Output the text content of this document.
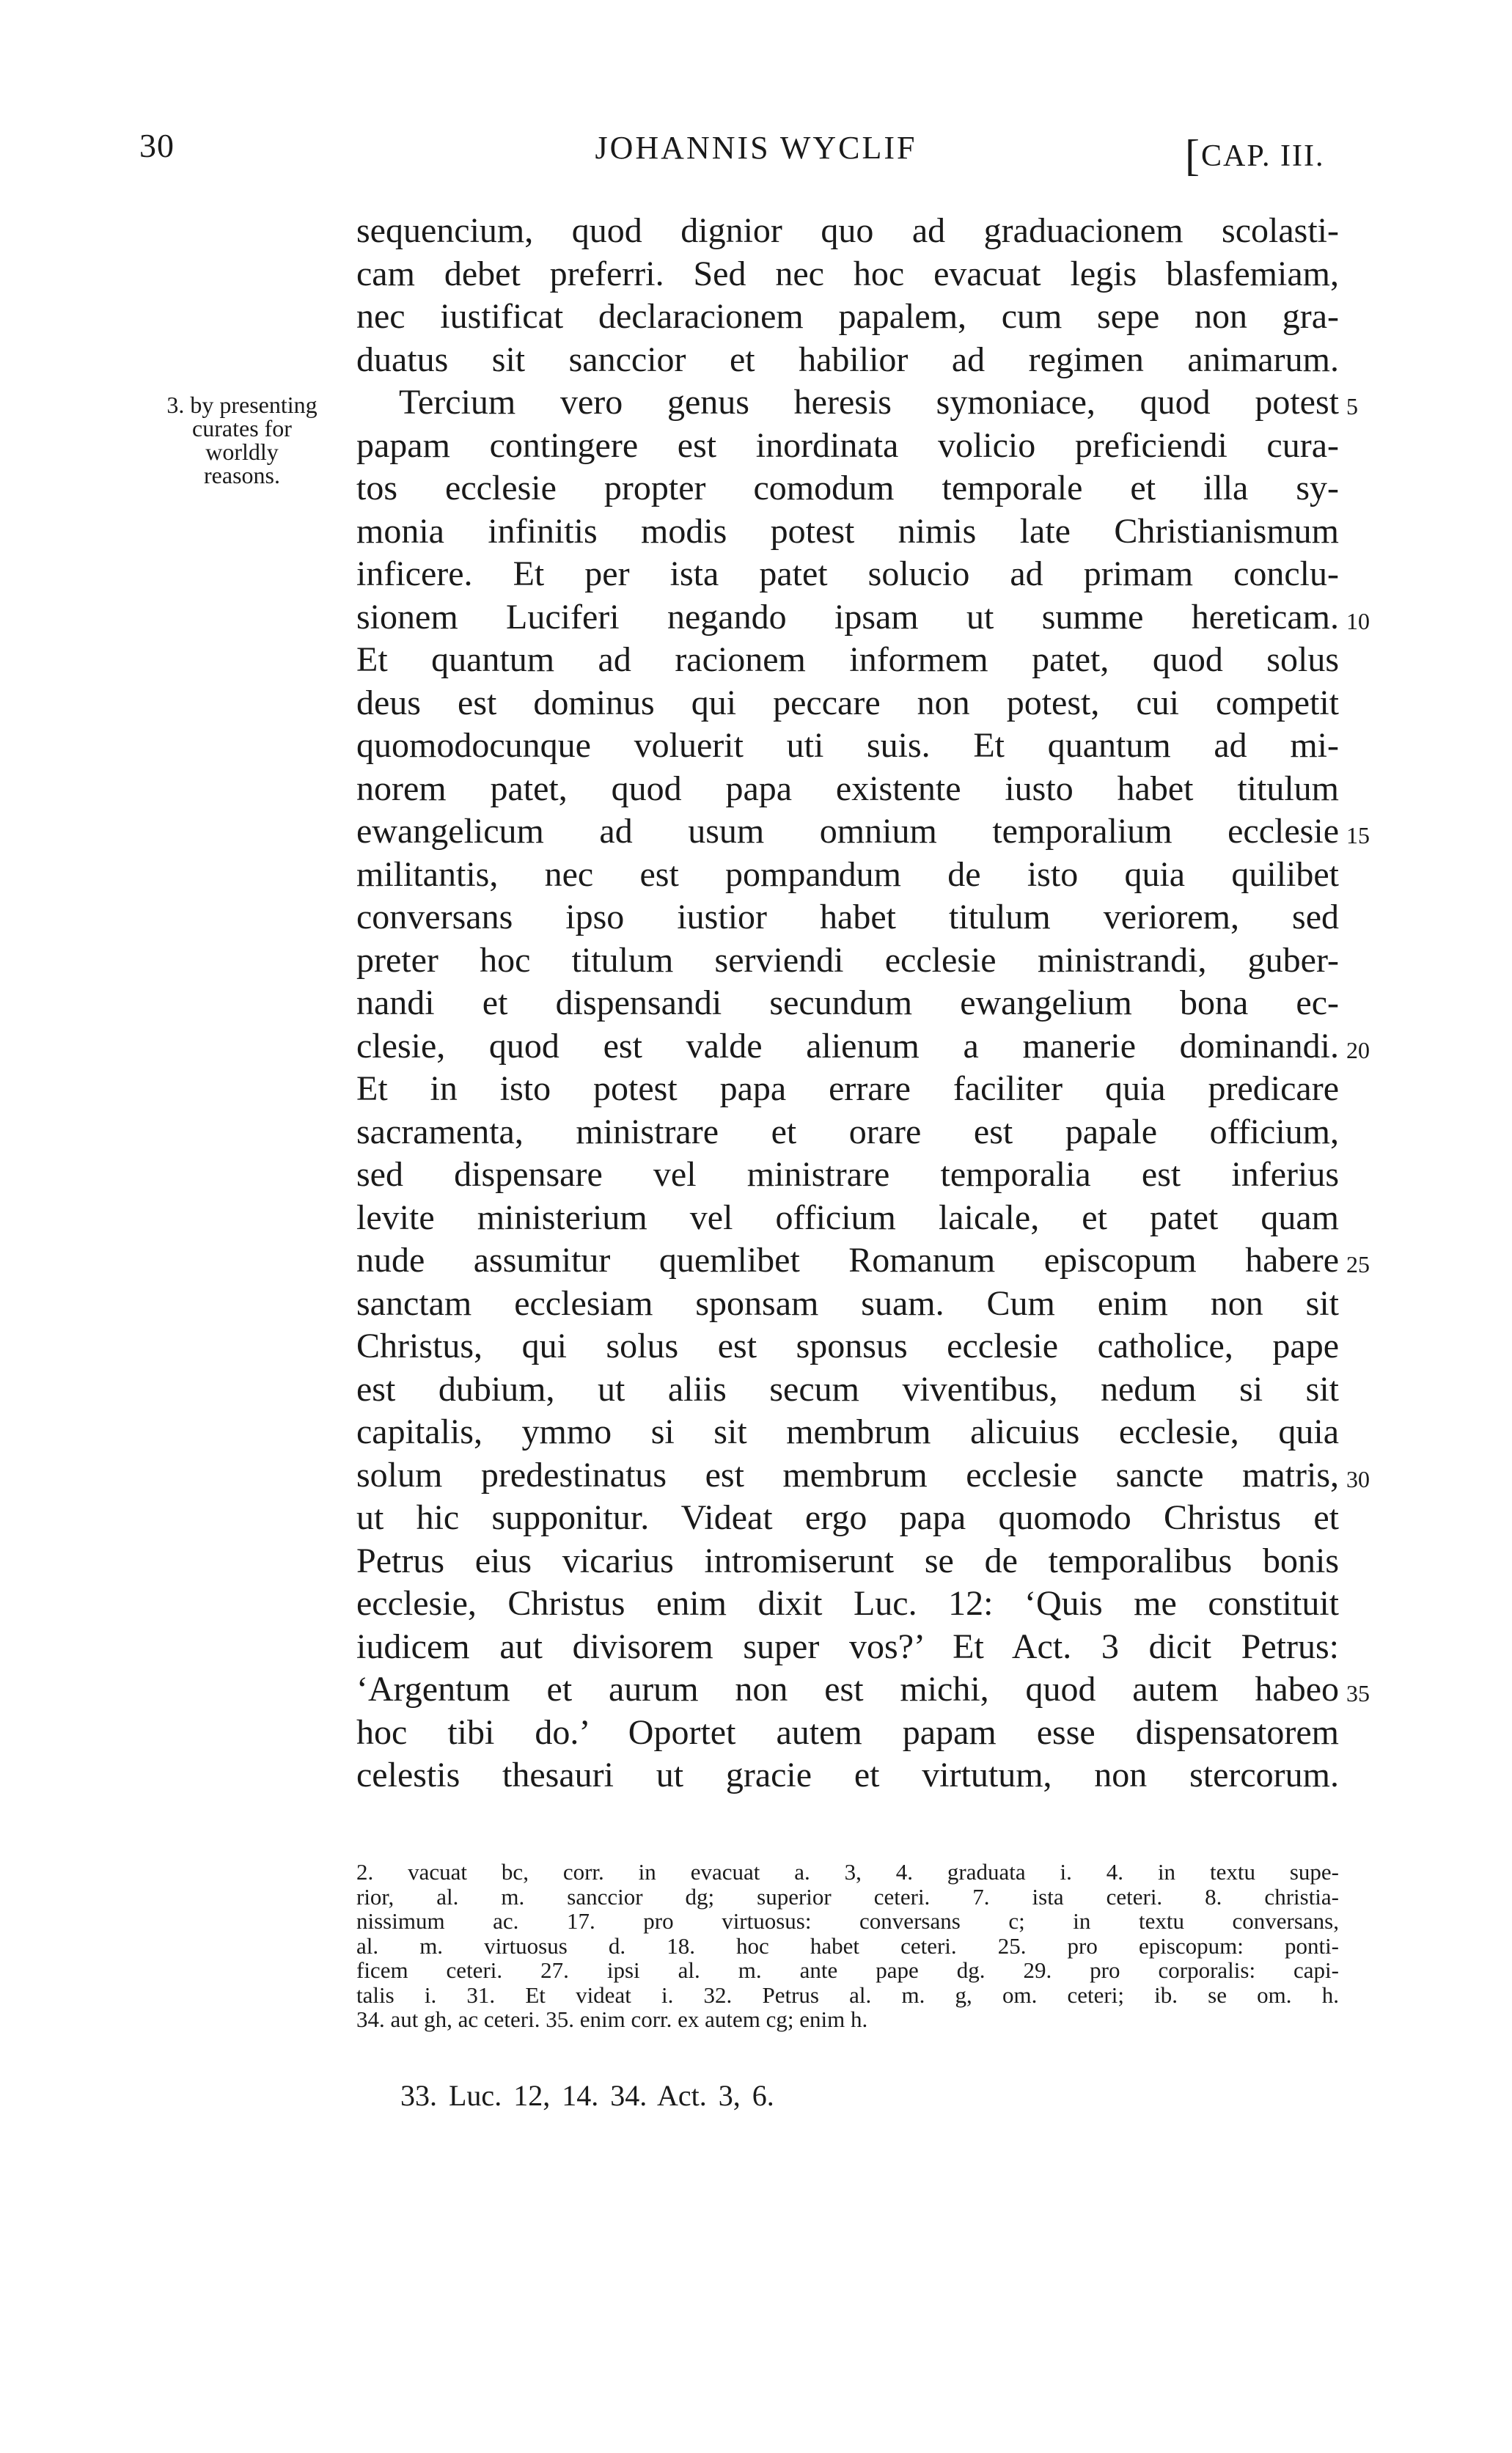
30	JOHANNIS WYCLIF	[CAP. III.
3. by presenting
curates for
worldly
reasons.
sequencium, quod dignior quo ad graduacionem scolasti-
cam debet preferri. Sed nec hoc evacuat legis blasfemiam,
nec iustificat declaracionem papalem, cum sepe non gra-
duatus sit sanccior et habilior ad regimen animarum.
Tercium vero genus heresis symoniace, quod potest
papam contingere est inordinata volicio preficiendi cura-
tos ecclesie propter comodum temporale et illa sy-
monia infinitis modis potest nimis late Christianismum
inficere. Et per ista patet solucio ad primam conclu-
sionem Luciferi negando ipsam ut summe hereticam.
Et quantum ad racionem informem patet, quod solus
deus est dominus qui peccare non potest, cui competit
quomodocunque voluerit uti suis. Et quantum ad mi-
norem patet, quod papa existente iusto habet titulum
ewangelicum ad usum omnium temporalium ecclesie
militantis, nec est pompandum de isto quia quilibet
conversans ipso iustior habet titulum veriorem, sed
preter hoc titulum serviendi ecclesie ministrandi, guber-
nandi et dispensandi secundum ewangelium bona ec-
clesie, quod est valde alienum a manerie dominandi.
Et in isto potest papa errare faciliter quia predicare
sacramenta, ministrare et orare est papale officium,
sed dispensare vel ministrare temporalia est inferius
levite ministerium vel officium laicale, et patet quam
nude assumitur quemlibet Romanum episcopum habere
sanctam ecclesiam sponsam suam. Cum enim non sit
Christus, qui solus est sponsus ecclesie catholice, pape
est dubium, ut aliis secum viventibus, nedum si sit
capitalis, ymmo si sit membrum alicuius ecclesie, quia
solum predestinatus est membrum ecclesie sancte matris,
ut hic supponitur. Videat ergo papa quomodo Christus et
Petrus eius vicarius intromiserunt se de temporalibus bonis
ecclesie, Christus enim dixit Luc. 12: ‘Quis me constituit
iudicem aut divisorem super vos?’ Et Act. 3 dicit Petrus:
‘Argentum et aurum non est michi, quod autem habeo
hoc tibi do.’ Oportet autem papam esse dispensatorem
celestis thesauri ut gracie et virtutum, non stercorum.
5
10
15
20
25
30
35
2. vacuat bc, corr. in evacuat a. 3, 4. graduata i. 4. in textu supe-
rior, al. m. sanccior dg; superior ceteri. 7. ista ceteri. 8. christia-
nissimum ac. 17. pro virtuosus: conversans c; in textu conversans,
al. m. virtuosus d. 18. hoc habet ceteri. 25. pro episcopum: ponti-
ficem ceteri. 27. ipsi al. m. ante pape dg. 29. pro corporalis: capi-
talis i. 31. Et videat i. 32. Petrus al. m. g, om. ceteri; ib. se om. h.
34. aut gh, ac ceteri. 35. enim corr. ex autem cg; enim h.
33. Luc. 12, 14. 34. Act. 3, 6.
